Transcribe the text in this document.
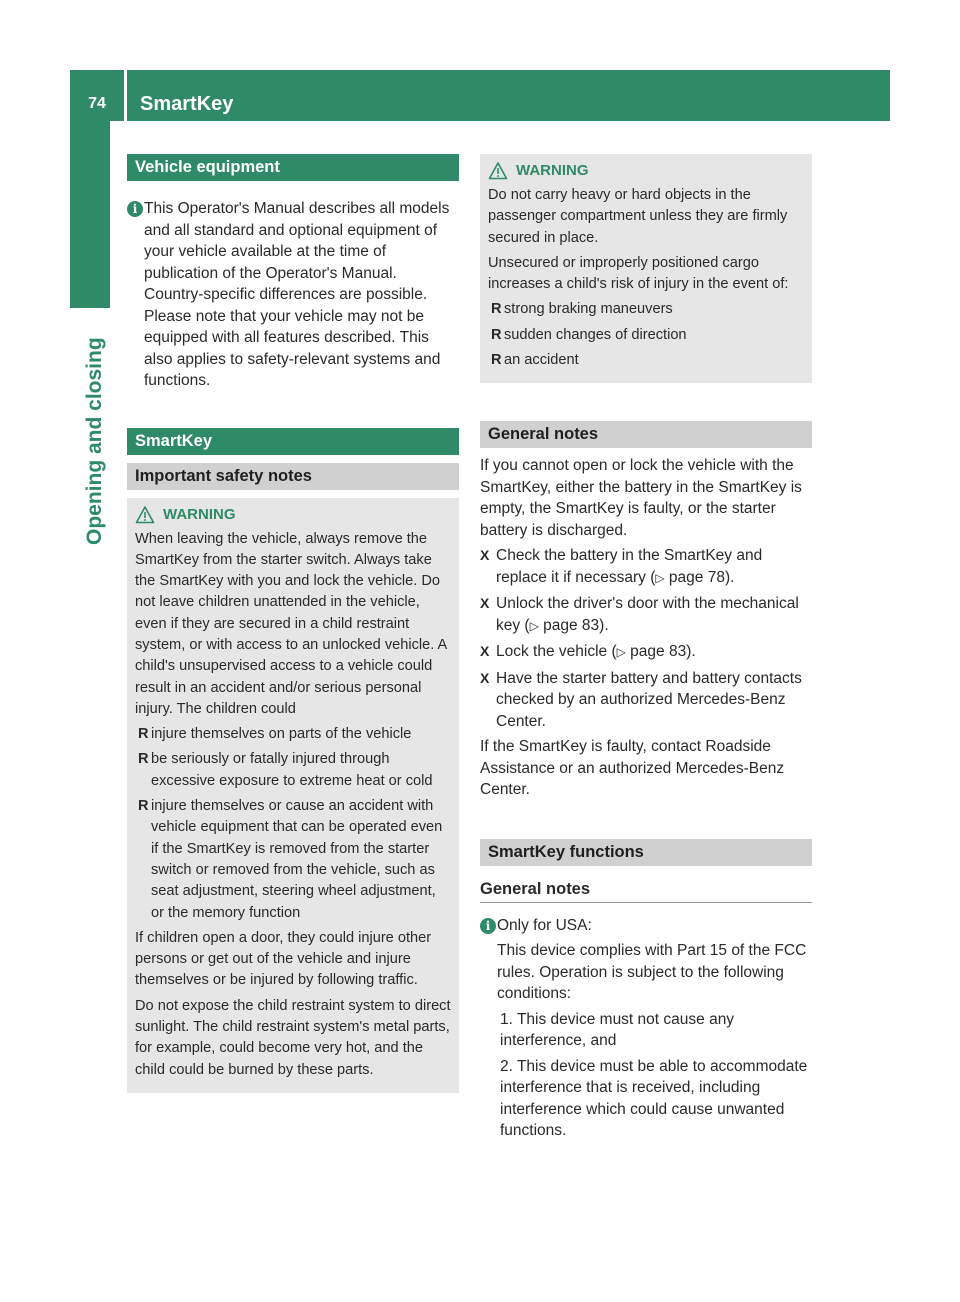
74	SmartKey
Opening and closing
Vehicle equipment
i This Operator's Manual describes all models and all standard and optional equipment of your vehicle available at the time of publication of the Operator's Manual. Country-specific differences are possible. Please note that your vehicle may not be equipped with all features described. This also applies to safety-relevant systems and functions.

SmartKey
Important safety notes
WARNING

When leaving the vehicle, always remove the SmartKey from the starter switch. Always take the SmartKey with you and lock the vehicle. Do not leave children unattended in the vehicle, even if they are secured in a child restraint system, or with access to an unlocked vehicle. A child's unsupervised access to a vehicle could result in an accident and/or serious personal injury. The children could

R injure themselves on parts of the vehicle
R be seriously or fatally injured through excessive exposure to extreme heat or cold
R injure themselves or cause an accident with vehicle equipment that can be operated even if the SmartKey is removed from the starter switch or removed from the vehicle, such as seat adjustment, steering wheel adjustment, or the memory function

If children open a door, they could injure other persons or get out of the vehicle and injure themselves or be injured by following traffic.

Do not expose the child restraint system to direct sunlight. The child restraint system's metal parts, for example, could become very hot, and the child could be burned by these parts.

WARNING

Do not carry heavy or hard objects in the passenger compartment unless they are firmly secured in place.

Unsecured or improperly positioned cargo increases a child's risk of injury in the event of:

R strong braking maneuvers
R sudden changes of direction
R an accident
General notes

If you cannot open or lock the vehicle with the SmartKey, either the battery in the SmartKey is empty, the SmartKey is faulty, or the starter battery is discharged.

X Check the battery in the SmartKey and replace it if necessary (▷ page 78).
X Unlock the driver's door with the mechanical key (▷ page 83).
X Lock the vehicle (▷ page 83).
X Have the starter battery and battery contacts checked by an authorized Mercedes-Benz Center.

If the SmartKey is faulty, contact Roadside Assistance or an authorized Mercedes-Benz Center.

SmartKey functions
General notes
i Only for USA:

This device complies with Part 15 of the FCC rules. Operation is subject to the following conditions:

1. This device must not cause any interference, and

2. This device must be able to accommodate interference that is received, including interference which could cause unwanted functions.
